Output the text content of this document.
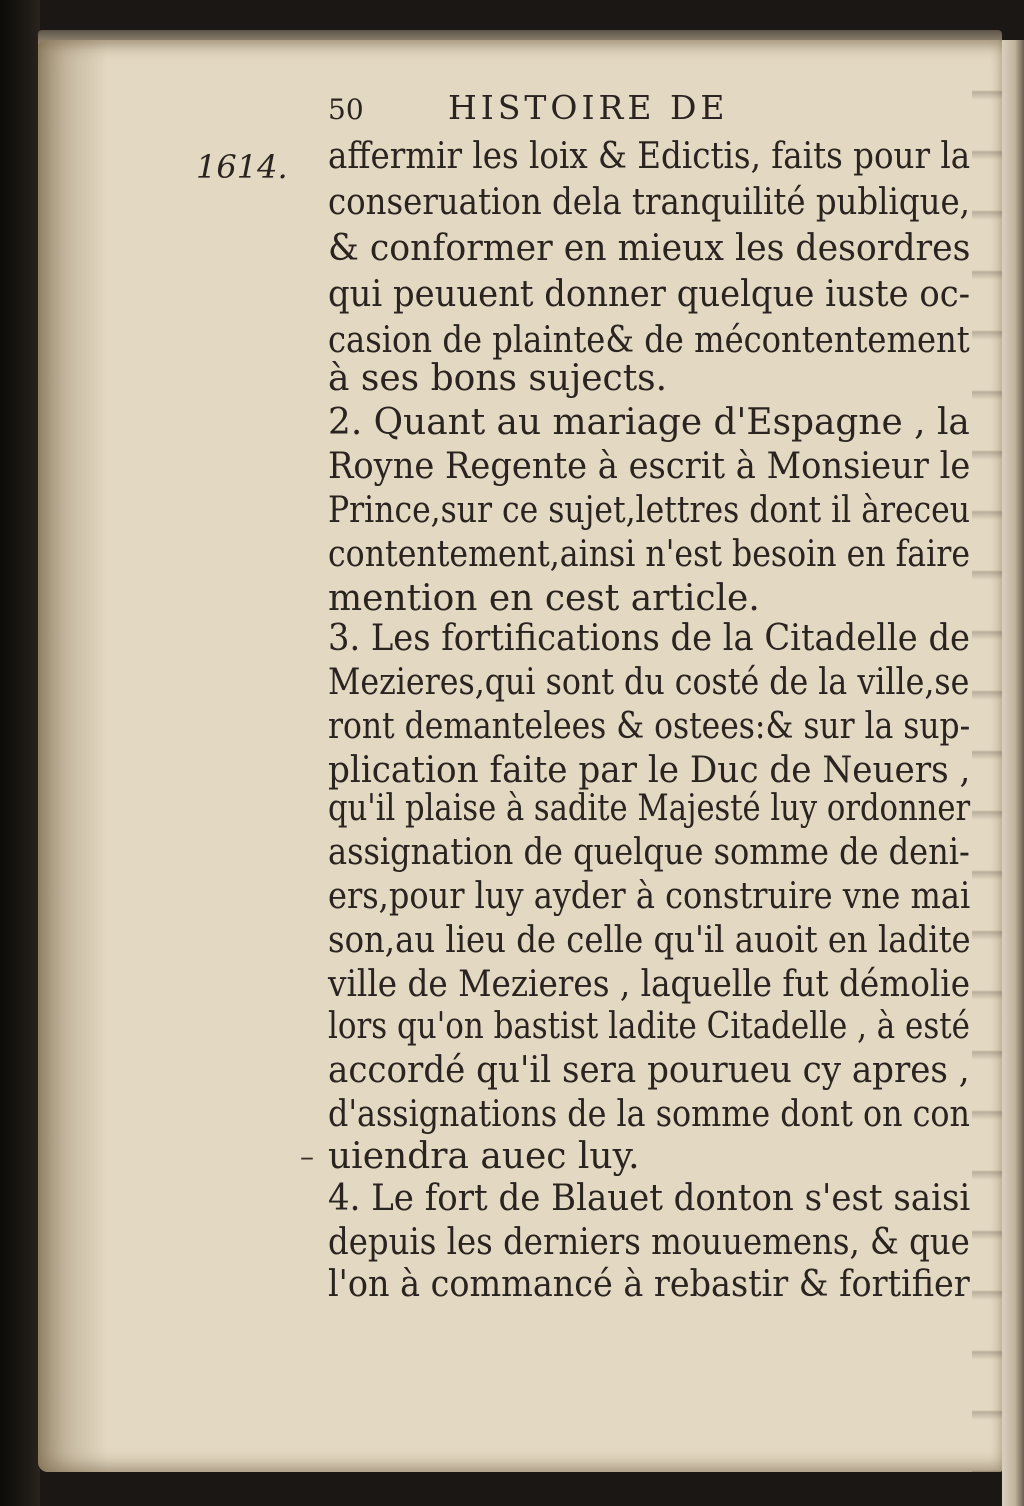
50	HISTOIRE DE
1614. affermir les loix & Edictis, faits pour la
conseruation dela tranquilité publique,
& conformer en mieux les desordres
qui peuuent donner quelque iuste oc-
casion de plainte& de mécontentement
à ses bons sujects.
2. Quant au mariage d'Espagne , la
Royne Regente à escrit à Monsieur le
Prince,sur ce sujet,lettres dont il àreceu
contentement,ainsi n'est besoin en faire
mention en cest article.
3. Les fortifications de la Citadelle de
Mezieres,qui sont du costé de la ville,se
ront demantelees & ostees:& sur la sup-
plication faite par le Duc de Neuers ,
qu'il plaise à sadite Majesté luy ordonner
assignation de quelque somme de deni-
ers,pour luy ayder à construire vne mai
son,au lieu de celle qu'il auoit en ladite
ville de Mezieres , laquelle fut démolie
lors qu'on bastist ladite Citadelle , à esté
accordé qu'il sera pourueu cy apres ,
d'assignations de la somme dont on con
uiendra auec luy.
4. Le fort de Blauet donton s'est saisi
depuis les derniers mouuemens, & que
l'on à commancé à rebastir & fortifier
–
